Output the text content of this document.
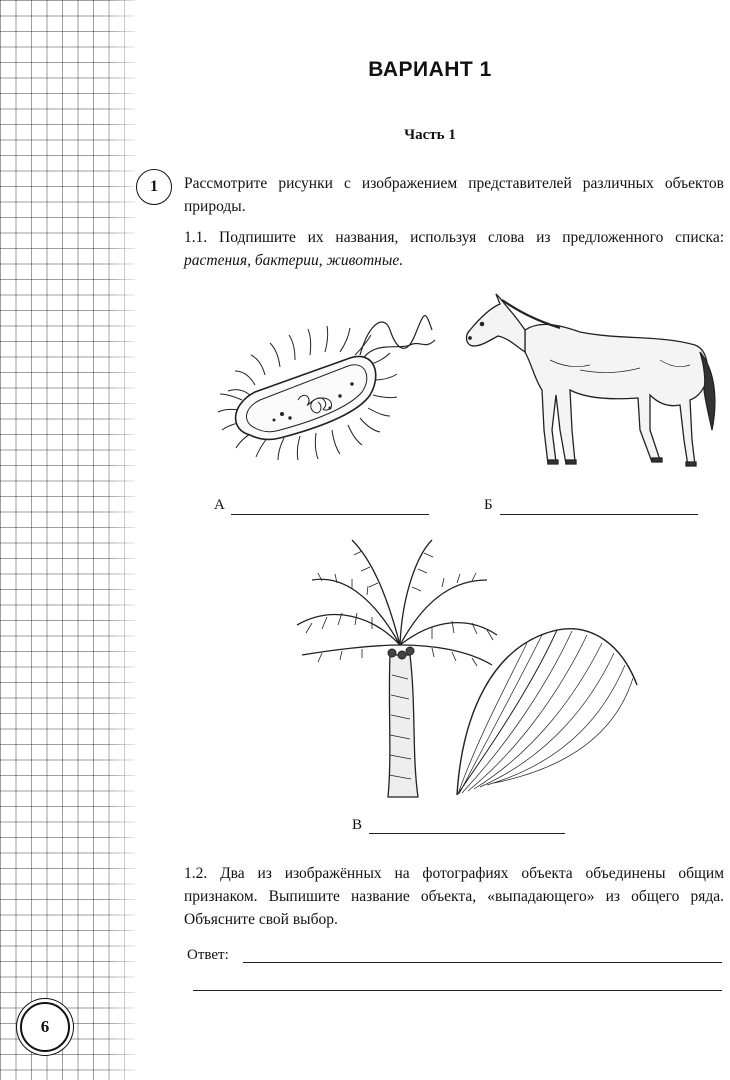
ВАРИАНТ 1
Часть 1
1	Рассмотрите рисунки с изображением представителей различных объектов природы.
1.1. Подпишите их названия, используя слова из предложенного списка: растения, бактерии, животные.
А	Б
В
1.2. Два из изображённых на фотографиях объекта объединены общим признаком. Выпишите название объекта, «выпадающего» из общего ряда. Объясните свой выбор.
Ответ:
6
